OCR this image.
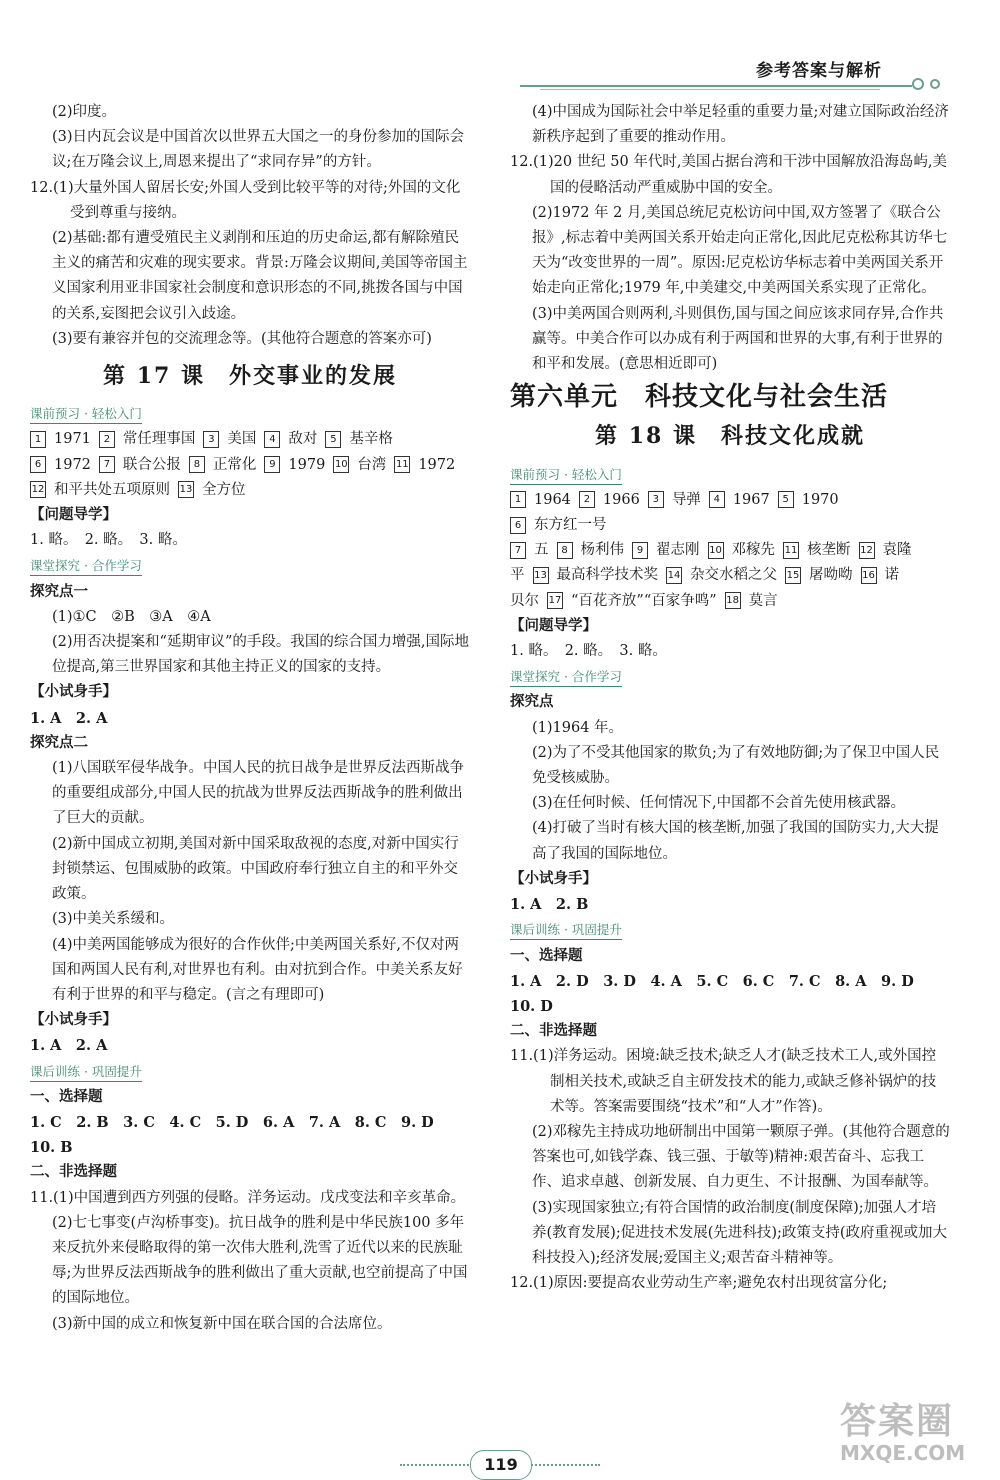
参考答案与解析

(2)印度。

(3)日内瓦会议是中国首次以世界五大国之一的身份参加的国际会议;在万隆会议上,周恩来提出了“求同存异”的方针。

12.(1)大量外国人留居长安;外国人受到比较平等的对待;外国的文化受到尊重与接纳。

(2)基础:都有遭受殖民主义剥削和压迫的历史命运,都有解除殖民主义的痛苦和灾难的现实要求。背景:万隆会议期间,美国等帝国主义国家利用亚非国家社会制度和意识形态的不同,挑拨各国与中国的关系,妄图把会议引入歧途。

(3)要有兼容并包的交流理念等。(其他符合题意的答案亦可)

第 17 课　外交事业的发展
课前预习 · 轻松入门
1 1971 2 常任理事国 3 美国 4 敌对 5 基辛格
6 1972 7 联合公报 8 正常化 9 1979 10 台湾 11 1972
12 和平共处五项原则 13 全方位
【问题导学】
1. 略。　2. 略。　3. 略。
课堂探究 · 合作学习
探究点一

(1)①C　②B　③A　④A

(2)用否决提案和“延期审议”的手段。我国的综合国力增强,国际地位提高,第三世界国家和其他主持正义的国家的支持。

【小试身手】
1. A　2. A
探究点二

(1)八国联军侵华战争。中国人民的抗日战争是世界反法西斯战争的重要组成部分,中国人民的抗战为世界反法西斯战争的胜利做出了巨大的贡献。

(2)新中国成立初期,美国对新中国采取敌视的态度,对新中国实行封锁禁运、包围威胁的政策。中国政府奉行独立自主的和平外交政策。

(3)中美关系缓和。

(4)中美两国能够成为很好的合作伙伴;中美两国关系好,不仅对两国和两国人民有利,对世界也有利。由对抗到合作。中美关系友好有利于世界的和平与稳定。(言之有理即可)

【小试身手】
1. A　2. A
课后训练 · 巩固提升
一、选择题
1. C　2. B　3. C　4. C　5. D　6. A　7. A　8. C　9. D　10. B
二、非选择题

11.(1)中国遭到西方列强的侵略。洋务运动。戊戌变法和辛亥革命。

(2)七七事变(卢沟桥事变)。抗日战争的胜利是中华民族100 多年来反抗外来侵略取得的第一次伟大胜利,洗雪了近代以来的民族耻辱;为世界反法西斯战争的胜利做出了重大贡献,也空前提高了中国的国际地位。

(3)新中国的成立和恢复新中国在联合国的合法席位。

(4)中国成为国际社会中举足轻重的重要力量;对建立国际政治经济新秩序起到了重要的推动作用。

12.(1)20 世纪 50 年代时,美国占据台湾和干涉中国解放沿海岛屿,美国的侵略活动严重威胁中国的安全。

(2)1972 年 2 月,美国总统尼克松访问中国,双方签署了《联合公报》,标志着中美两国关系开始走向正常化,因此尼克松称其访华七天为“改变世界的一周”。原因:尼克松访华标志着中美两国关系开始走向正常化;1979 年,中美建交,中美两国关系实现了正常化。

(3)中美两国合则两利,斗则俱伤,国与国之间应该求同存异,合作共赢等。中美合作可以办成有利于两国和世界的大事,有利于世界的和平和发展。(意思相近即可)

第六单元　科技文化与社会生活
第 18 课　科技文化成就
课前预习 · 轻松入门
1 1964 2 1966 3 导弹 4 1967 5 19706 东方红一号
7 五 8 杨利伟 9 翟志刚 10 邓稼先 11 核垄断 12 袁隆
平 13 最高科学技术奖 14 杂交水稻之父 15 屠呦呦 16 诺
贝尔 17 “百花齐放”“百家争鸣” 18 莫言
【问题导学】
1. 略。　2. 略。　3. 略。
课堂探究 · 合作学习
探究点

(1)1964 年。

(2)为了不受其他国家的欺负;为了有效地防御;为了保卫中国人民免受核威胁。

(3)在任何时候、任何情况下,中国都不会首先使用核武器。

(4)打破了当时有核大国的核垄断,加强了我国的国防实力,大大提高了我国的国际地位。

【小试身手】
1. A　2. B
课后训练 · 巩固提升
一、选择题
1. A　2. D　3. D　4. A　5. C　6. C　7. C　8. A　9. D　10. D
二、非选择题

11.(1)洋务运动。困境:缺乏技术;缺乏人才(缺乏技术工人,或外国控制相关技术,或缺乏自主研发技术的能力,或缺乏修补锅炉的技术等。答案需要围绕“技术”和“人才”作答)。

(2)邓稼先主持成功地研制出中国第一颗原子弹。(其他符合题意的答案也可,如钱学森、钱三强、于敏等)精神:艰苦奋斗、忘我工作、追求卓越、创新发展、自力更生、不计报酬、为国奉献等。

(3)实现国家独立;有符合国情的政治制度(制度保障);加强人才培养(教育发展);促进技术发展(先进科技);政策支持(政府重视或加大科技投入);经济发展;爱国主义;艰苦奋斗精神等。

12.(1)原因:要提高农业劳动生产率;避免农村出现贫富分化;

119
答案圈
MXQE.COM
